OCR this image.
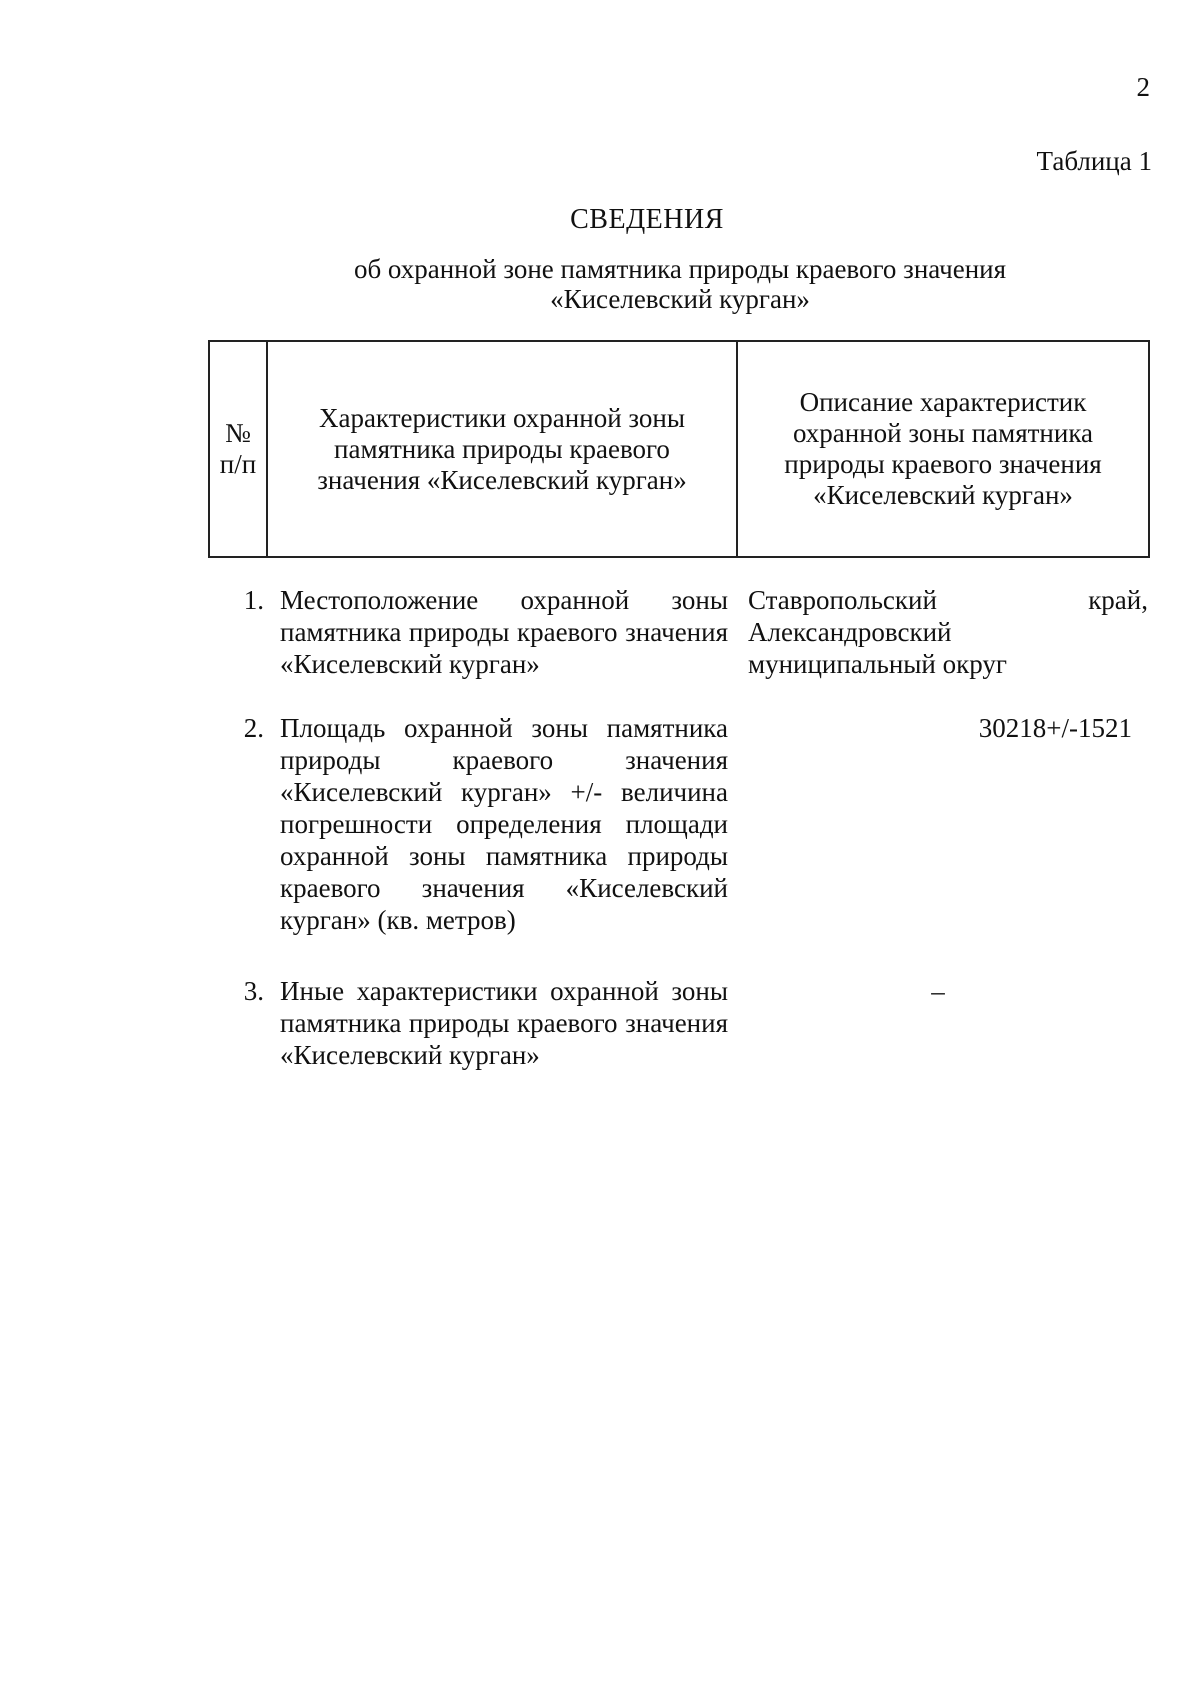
2
Таблица 1
СВЕДЕНИЯ
об охранной зоне памятника природы краевого значения
«Киселевский курган»
№
п/п
Характеристики охранной зоны
памятника природы краевого
значения «Киселевский курган»
Описание характеристик
охранной зоны памятника
природы краевого значения
«Киселевский курган»
1. Местоположение охранной зоны памятника природы краевого значения «Киселевский курган»
Ставропольский	край,
Александровский
муниципальный округ
2. Площадь охранной зоны памятника природы краевого значения «Киселевский курган» +/- величина погрешности определения площади охранной зоны памятника природы краевого значения «Киселевский курган» (кв. метров)
30218+/-1521
3. Иные характеристики охранной зоны памятника природы краевого значения «Киселевский курган»
–
